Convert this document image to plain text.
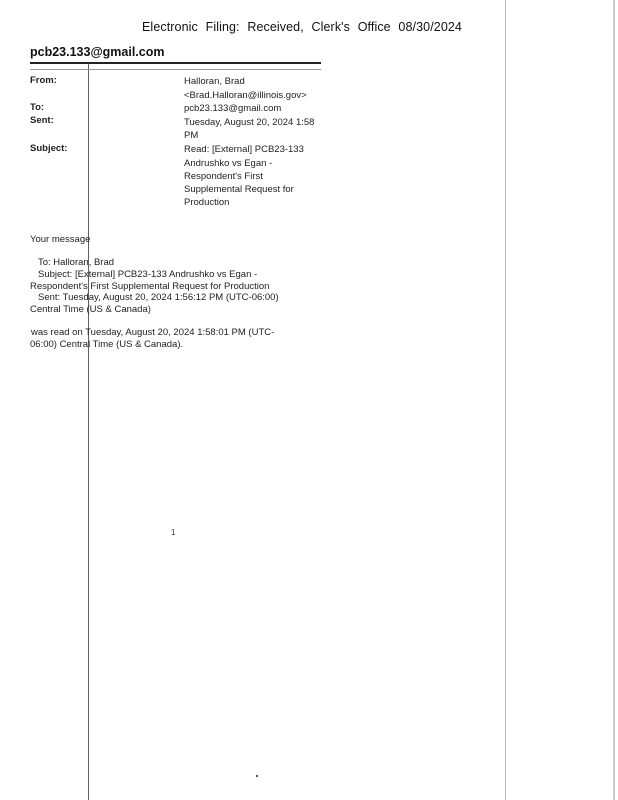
Electronic Filing: Received, Clerk's Office 08/30/2024
pcb23.133@gmail.com
From:	Halloran, Brad
<Brad.Halloran@illinois.gov>
To:	pcb23.133@gmail.com
Sent:	Tuesday, August 20, 2024 1:58
PM
Subject:	Read: [External] PCB23-133
Andrushko vs Egan -
Respondent's First
Supplemental Request for
Production
Your message
To: Halloran, Brad
Subject: [External] PCB23-133 Andrushko vs Egan -
Respondent's First Supplemental Request for Production
Sent: Tuesday, August 20, 2024 1:56:12 PM (UTC-06:00)
Central Time (US & Canada)
was read on Tuesday, August 20, 2024 1:58:01 PM (UTC-
06:00) Central Time (US & Canada).
1
